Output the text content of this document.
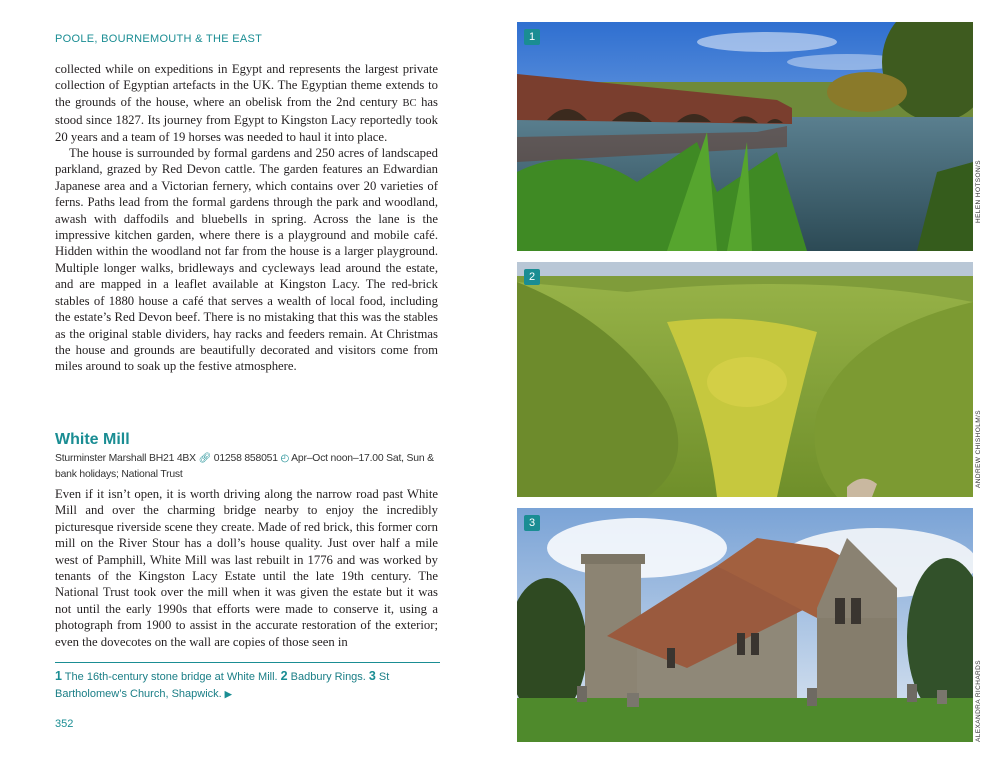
POOLE, BOURNEMOUTH & THE EAST

collected while on expeditions in Egypt and represents the largest private collection of Egyptian artefacts in the UK. The Egyptian theme extends to the grounds of the house, where an obelisk from the 2nd century BC has stood since 1827. Its journey from Egypt to Kingston Lacy reportedly took 20 years and a team of 19 horses was needed to haul it into place.

The house is surrounded by formal gardens and 250 acres of landscaped parkland, grazed by Red Devon cattle. The garden features an Edwardian Japanese area and a Victorian fernery, which contains over 20 varieties of ferns. Paths lead from the formal gardens through the park and woodland, awash with daffodils and bluebells in spring. Across the lane is the impressive kitchen garden, where there is a playground and mobile café. Hidden within the woodland not far from the house is a larger playground. Multiple longer walks, bridleways and cycleways lead around the estate, and are mapped in a leaflet available at Kingston Lacy. The red-brick stables of 1880 house a café that serves a wealth of local food, including the estate’s Red Devon beef. There is no mistaking that this was the stables as the original stable dividers, hay racks and feeders remain. At Christmas the house and grounds are beautifully decorated and visitors come from miles around to soak up the festive atmosphere.

White Mill
Sturminster Marshall BH21 4BX 🔗︎ 01258 858051 ◴ Apr–Oct noon–17.00 Sat, Sun & bank holidays; National Trust

Even if it isn’t open, it is worth driving along the narrow road past White Mill and over the charming bridge nearby to enjoy the incredibly picturesque riverside scene they create. Made of red brick, this former corn mill on the River Stour has a doll’s house quality. Just over half a mile west of Pamphill, White Mill was last rebuilt in 1776 and was worked by tenants of the Kingston Lacy Estate until the late 19th century. The National Trust took over the mill when it was given the estate but it was not until the early 1990s that efforts were made to conserve it, using a photograph from 1900 to assist in the accurate restoration of the exterior; even the dovecotes on the wall are copies of those seen in

1 The 16th-century stone bridge at White Mill. 2 Badbury Rings. 3 St Bartholomew’s Church, Shapwick. ▶
352
1
HELEN HOTSON/S
2
ANDREW CHISHOLM/S
3
ALEXANDRA RICHARDS
